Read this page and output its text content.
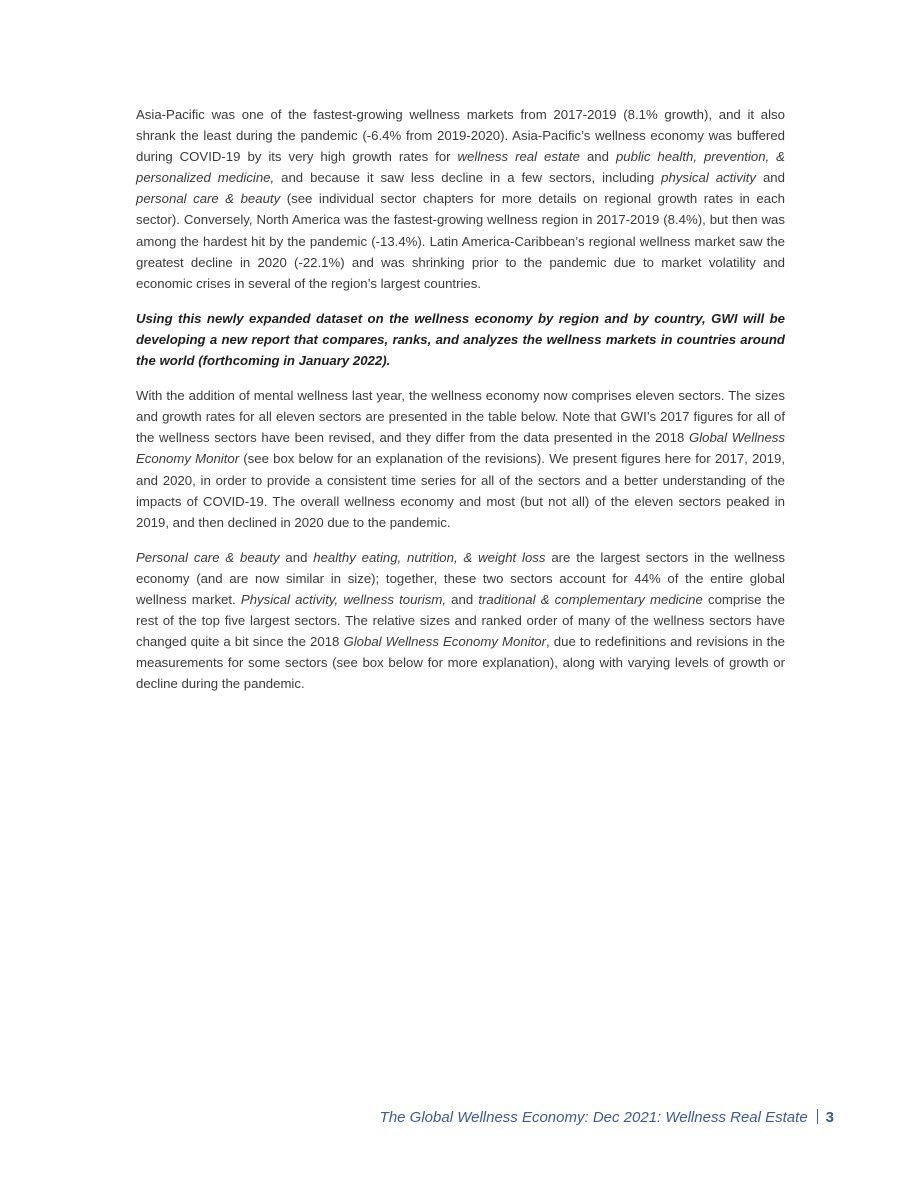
Asia-Pacific was one of the fastest-growing wellness markets from 2017-2019 (8.1% growth), and it also shrank the least during the pandemic (-6.4% from 2019-2020). Asia-Pacific’s wellness economy was buffered during COVID-19 by its very high growth rates for wellness real estate and public health, prevention, & personalized medicine, and because it saw less decline in a few sectors, including physical activity and personal care & beauty (see individual sector chapters for more details on regional growth rates in each sector). Conversely, North America was the fastest-growing wellness region in 2017-2019 (8.4%), but then was among the hardest hit by the pandemic (-13.4%). Latin America-Caribbean’s regional wellness market saw the greatest decline in 2020 (-22.1%) and was shrinking prior to the pandemic due to market volatility and economic crises in several of the region’s largest countries.

Using this newly expanded dataset on the wellness economy by region and by country, GWI will be developing a new report that compares, ranks, and analyzes the wellness markets in countries around the world (forthcoming in January 2022).

With the addition of mental wellness last year, the wellness economy now comprises eleven sectors. The sizes and growth rates for all eleven sectors are presented in the table below. Note that GWI’s 2017 figures for all of the wellness sectors have been revised, and they differ from the data presented in the 2018 Global Wellness Economy Monitor (see box below for an explanation of the revisions). We present figures here for 2017, 2019, and 2020, in order to provide a consistent time series for all of the sectors and a better understanding of the impacts of COVID-19. The overall wellness economy and most (but not all) of the eleven sectors peaked in 2019, and then declined in 2020 due to the pandemic.

Personal care & beauty and healthy eating, nutrition, & weight loss are the largest sectors in the wellness economy (and are now similar in size); together, these two sectors account for 44% of the entire global wellness market. Physical activity, wellness tourism, and traditional & complementary medicine comprise the rest of the top five largest sectors. The relative sizes and ranked order of many of the wellness sectors have changed quite a bit since the 2018 Global Wellness Economy Monitor, due to redefinitions and revisions in the measurements for some sectors (see box below for more explanation), along with varying levels of growth or decline during the pandemic.

The Global Wellness Economy: Dec 2021: Wellness Real Estate 3
